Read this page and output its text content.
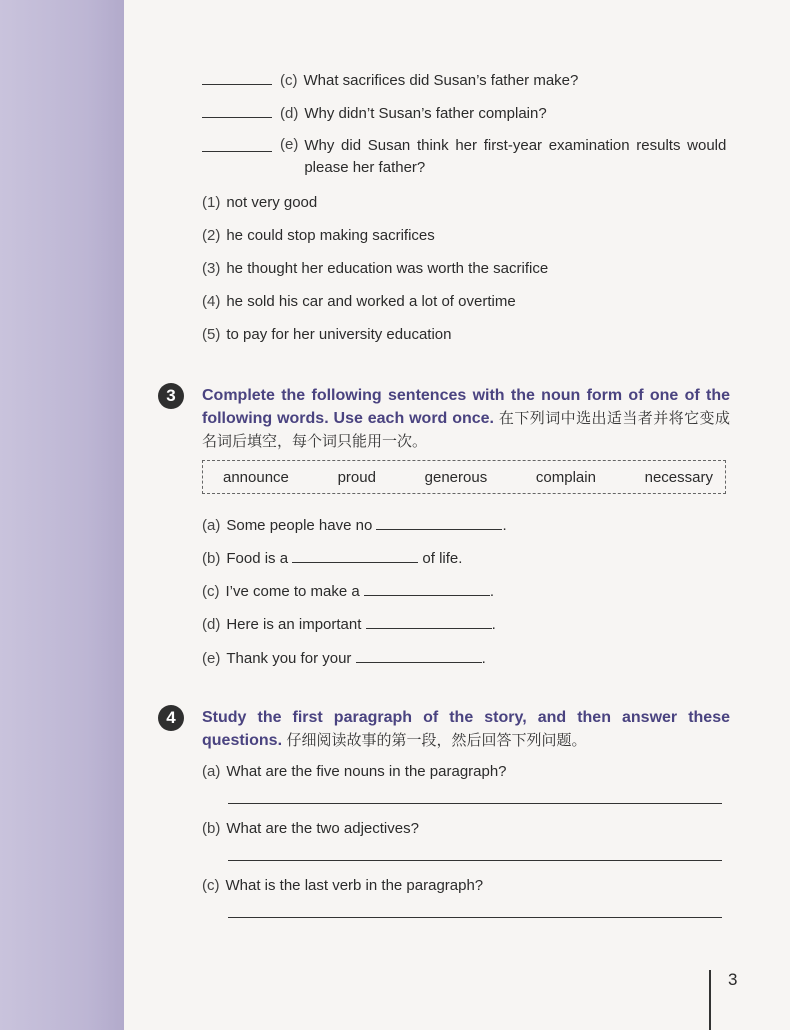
(c) What sacrifices did Susan’s father make?
(d) Why didn’t Susan’s father complain?
(e) Why did Susan think her first-year examination results would please her father?
(1) not very good
(2) he could stop making sacrifices
(3) he thought her education was worth the sacrifice
(4) he sold his car and worked a lot of overtime
(5) to pay for her university education
3	Complete the following sentences with the noun form of one of the following words. Use each word once. 在下列词中选出适当者并将它变成名词后填空，每个词只能用一次。
announce	proud	generous	complain	necessary
(a) Some people have no	.
(b) Food is a	of life.
(c) I’ve come to make a	.
(d) Here is an important	.
(e) Thank you for your	.
4	Study the first paragraph of the story, and then answer these questions. 仔细阅读故事的第一段，然后回答下列问题。
(a) What are the five nouns in the paragraph?
(b) What are the two adjectives?
(c) What is the last verb in the paragraph?
3
